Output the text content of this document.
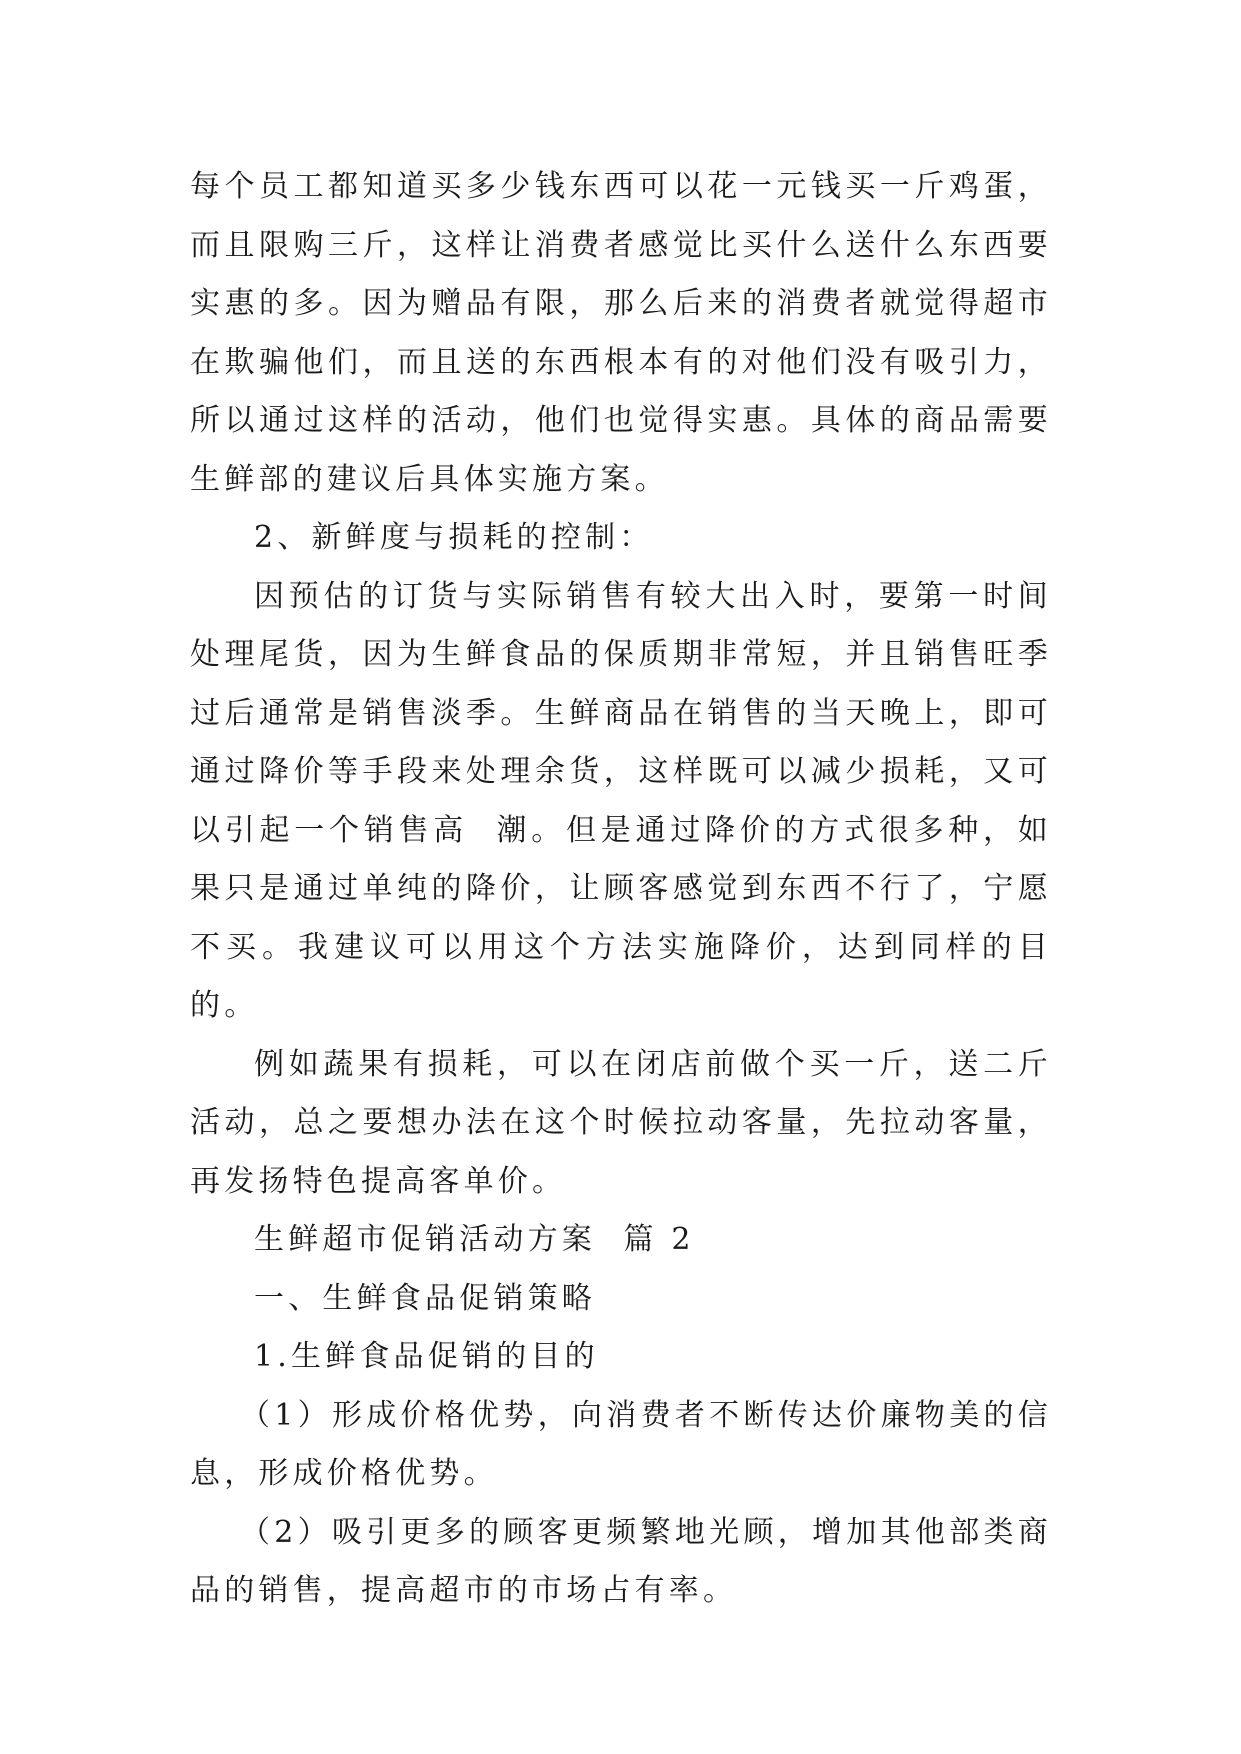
每个员工都知道买多少钱东西可以花一元钱买一斤鸡蛋，而且限购三斤，这样让消费者感觉比买什么送什么东西要实惠的多。因为赠品有限，那么后来的消费者就觉得超市在欺骗他们，而且送的东西根本有的对他们没有吸引力，所以通过这样的活动，他们也觉得实惠。具体的商品需要生鲜部的建议后具体实施方案。

2、新鲜度与损耗的控制：

因预估的订货与实际销售有较大出入时，要第一时间处理尾货，因为生鲜食品的保质期非常短，并且销售旺季过后通常是销售淡季。生鲜商品在销售的当天晚上，即可通过降价等手段来处理余货，这样既可以减少损耗，又可以引起一个销售高  潮。但是通过降价的方式很多种，如果只是通过单纯的降价，让顾客感觉到东西不行了，宁愿不买。我建议可以用这个方法实施降价，达到同样的目的。

例如蔬果有损耗，可以在闭店前做个买一斤，送二斤活动，总之要想办法在这个时候拉动客量，先拉动客量，再发扬特色提高客单价。

生鲜超市促销活动方案  篇 2

一、生鲜食品促销策略

1.生鲜食品促销的目的

（1）形成价格优势，向消费者不断传达价廉物美的信息，形成价格优势。

（2）吸引更多的顾客更频繁地光顾，增加其他部类商品的销售，提高超市的市场占有率。
